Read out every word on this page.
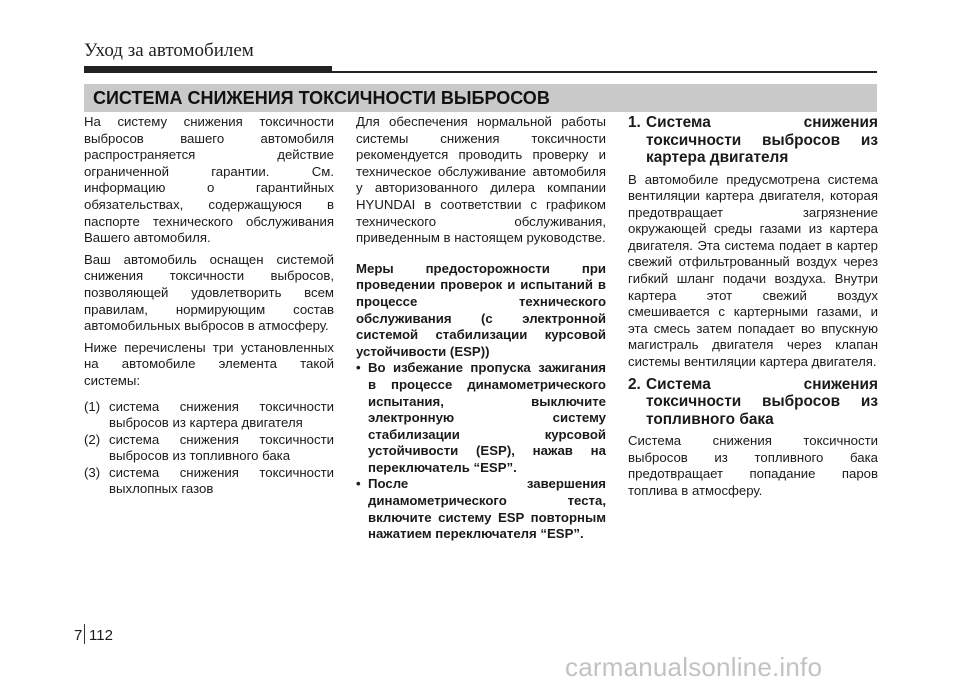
Уход за автомобилем
СИСТЕМА СНИЖЕНИЯ ТОКСИЧНОСТИ ВЫБРОСОВ

На систему снижения токсичности выбросов вашего автомобиля распространяется действие ограниченной гарантии. См. информацию о гарантийных обязательствах, содержащуюся в паспорте технического обслуживания Вашего автомобиля.

Ваш автомобиль оснащен системой снижения токсичности выбросов, позволяющей удовлетворить всем правилам, нормирующим состав автомобильных выбросов в атмосферу.

Ниже перечислены три установленных на автомобиле элемента такой системы:

(1) система снижения токсичности выбросов из картера двигателя
(2) система снижения токсичности выбросов из топливного бака
(3) система снижения токсичности выхлопных газов

Для обеспечения нормальной работы системы снижения токсичности рекомендуется проводить проверку и техническое обслуживание автомобиля у авторизованного дилера компании HYUNDAI в соответствии с графиком технического обслуживания, приведенным в настоящем руководстве.

Меры предосторожности при проведении проверок и испытаний в процессе технического обслуживания (с электронной системой стабилизации курсовой устойчивости (ESP))

• Во избежание пропуска зажигания в процессе динамометрического испытания, выключите электронную систему стабилизации курсовой устойчивости (ESP), нажав на переключатель “ESP”.
• После завершения динамометрического теста, включите систему ESP повторным нажатием переключателя “ESP”.

1. Система снижения токсичности выбросов из картера двигателя

В автомобиле предусмотрена система вентиляции картера двигателя, которая предотвращает загрязнение окружающей среды газами из картера двигателя. Эта система подает в картер свежий отфильтрованный воздух через гибкий шланг подачи воздуха. Внутри картера этот свежий воздух смешивается с картерными газами, и эта смесь затем попадает во впускную магистраль двигателя через клапан системы вентиляции картера двигателя.

2. Система снижения токсичности выбросов из топливного бака

Система снижения токсичности выбросов из топливного бака предотвращает попадание паров топлива в атмосферу.

7 112
carmanualsonline.info
